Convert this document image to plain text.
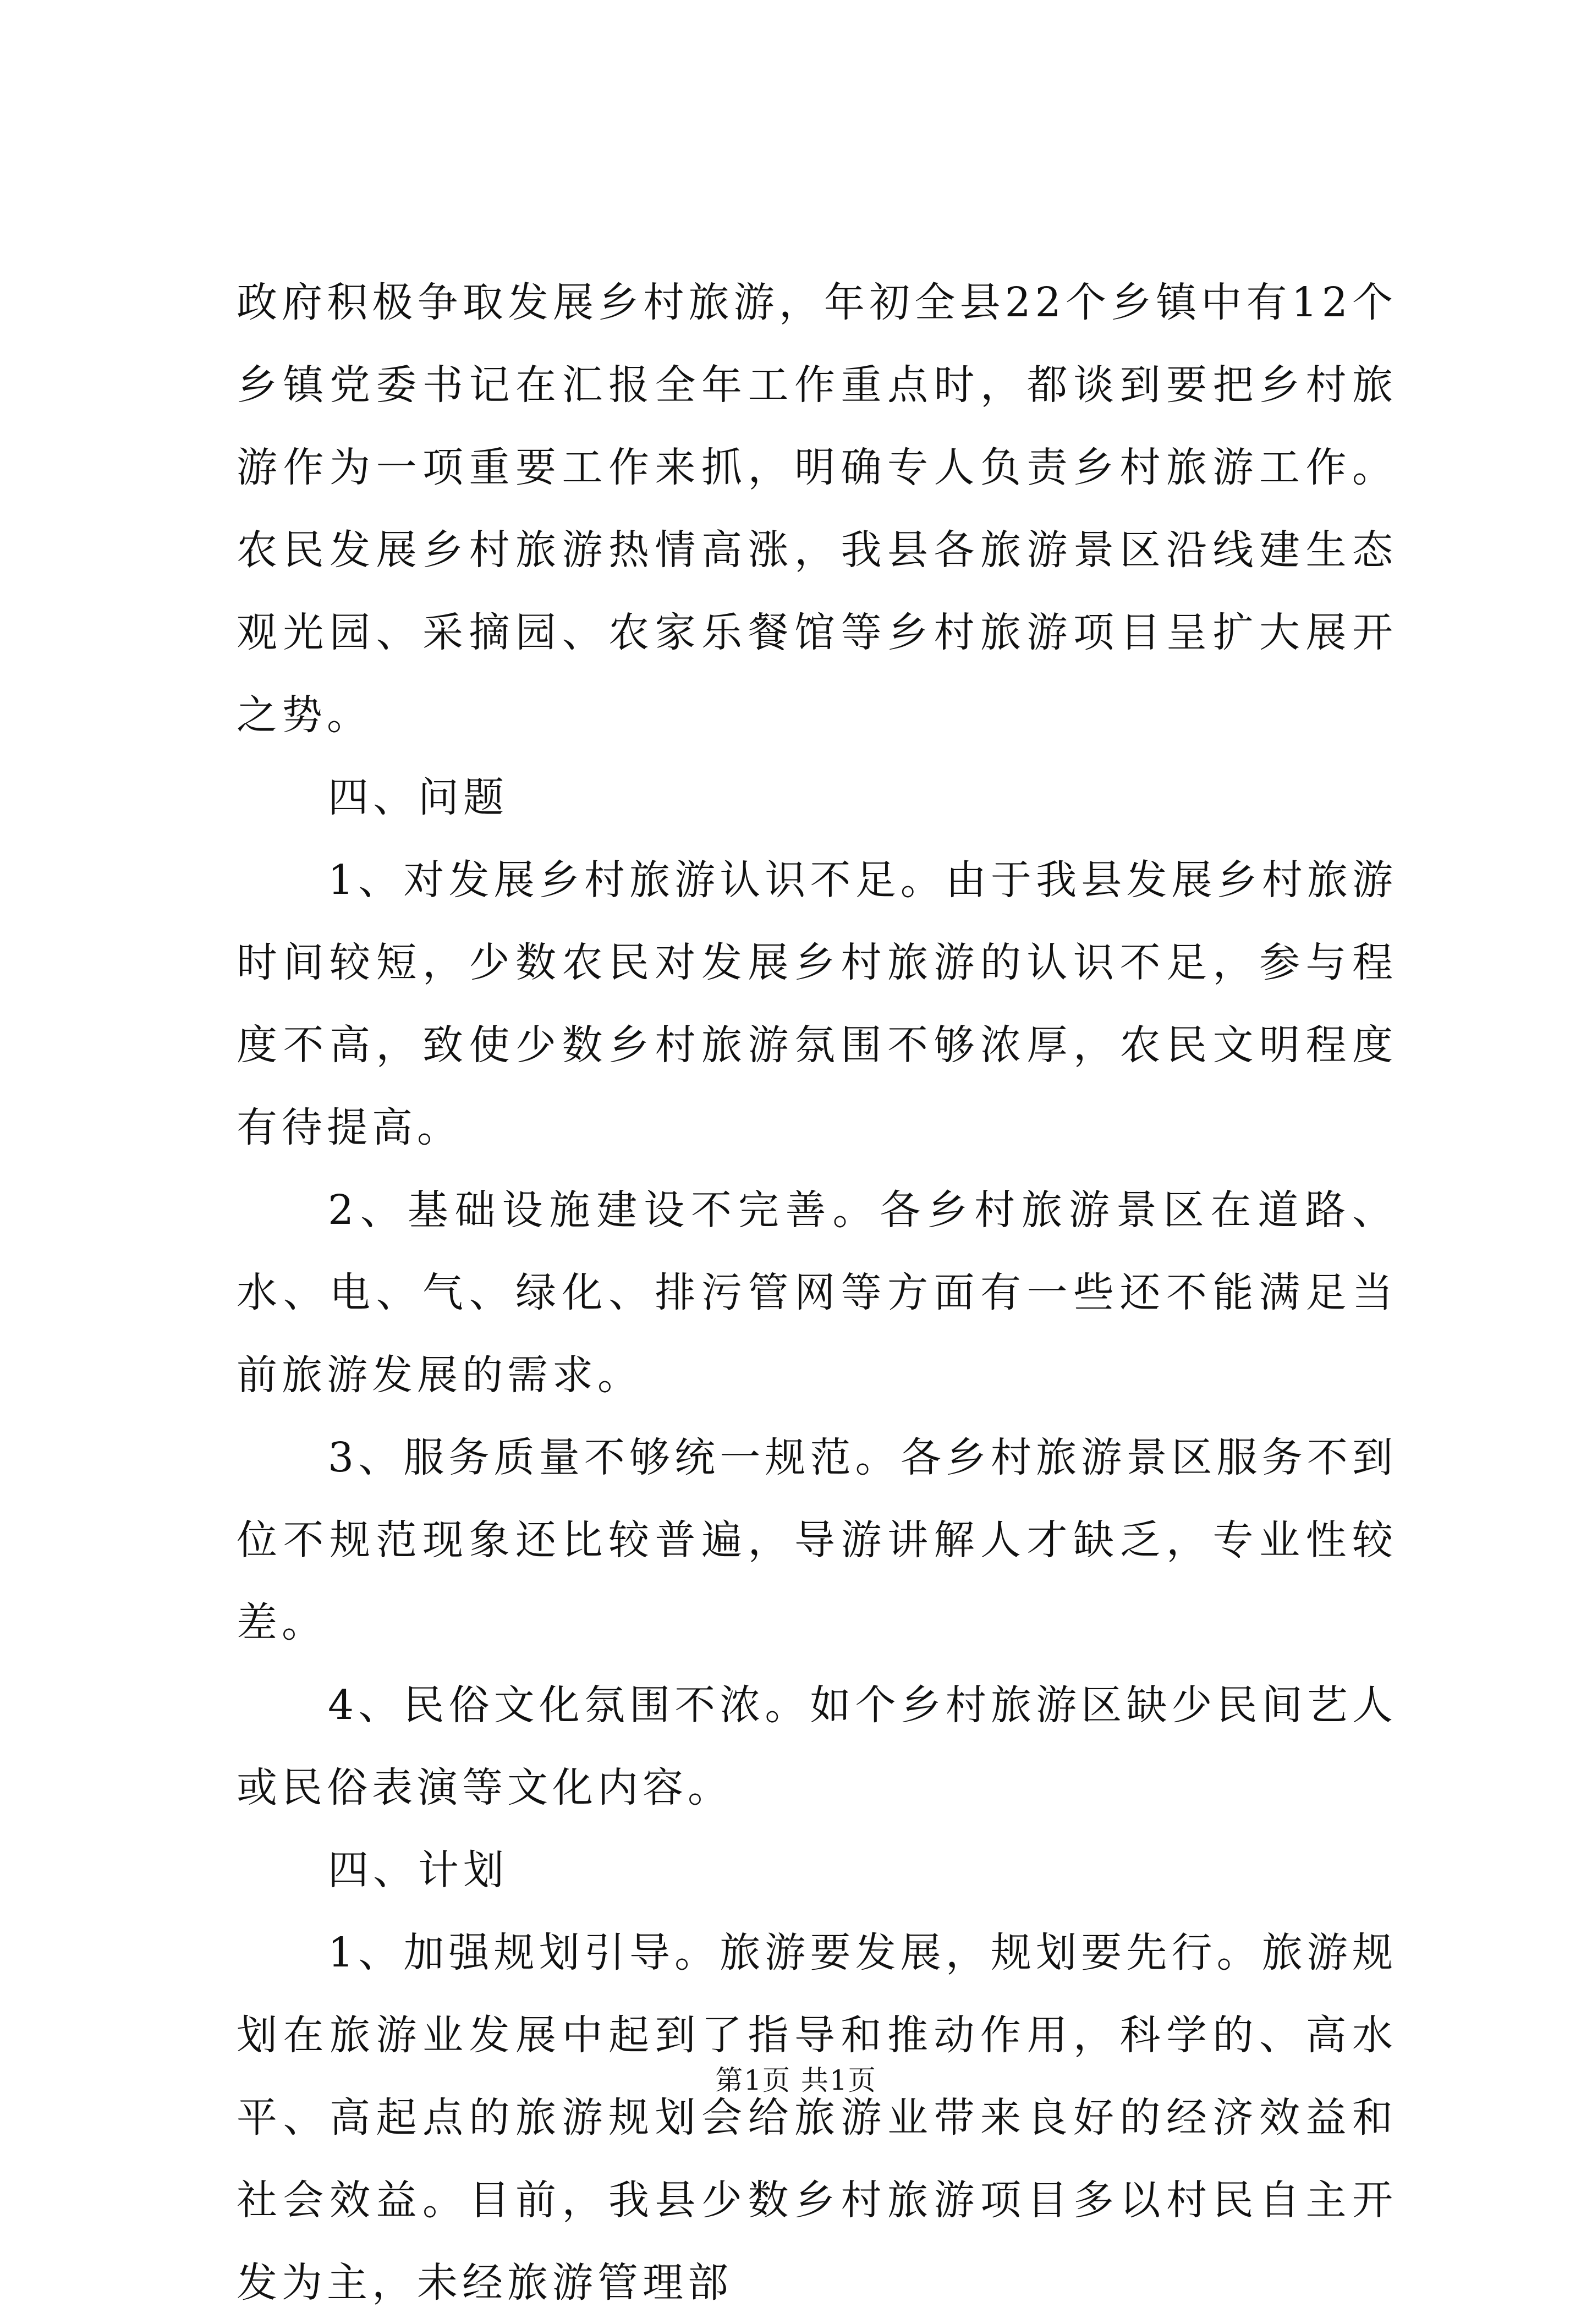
政府积极争取发展乡村旅游，年初全县22个乡镇中有12个乡镇党委书记在汇报全年工作重点时，都谈到要把乡村旅游作为一项重要工作来抓，明确专人负责乡村旅游工作。农民发展乡村旅游热情高涨，我县各旅游景区沿线建生态观光园、采摘园、农家乐餐馆等乡村旅游项目呈扩大展开之势。

四、问题

1、对发展乡村旅游认识不足。由于我县发展乡村旅游时间较短，少数农民对发展乡村旅游的认识不足，参与程度不高，致使少数乡村旅游氛围不够浓厚，农民文明程度有待提高。

2、基础设施建设不完善。各乡村旅游景区在道路、水、电、气、绿化、排污管网等方面有一些还不能满足当前旅游发展的需求。

3、服务质量不够统一规范。各乡村旅游景区服务不到位不规范现象还比较普遍，导游讲解人才缺乏，专业性较差。

4、民俗文化氛围不浓。如个乡村旅游区缺少民间艺人或民俗表演等文化内容。

四、计划

1、加强规划引导。旅游要发展，规划要先行。旅游规划在旅游业发展中起到了指导和推动作用，科学的、高水平、高起点的旅游规划会给旅游业带来良好的经济效益和社会效益。目前，我县少数乡村旅游项目多以村民自主开发为主，未经旅游管理部

第1页 共1页
